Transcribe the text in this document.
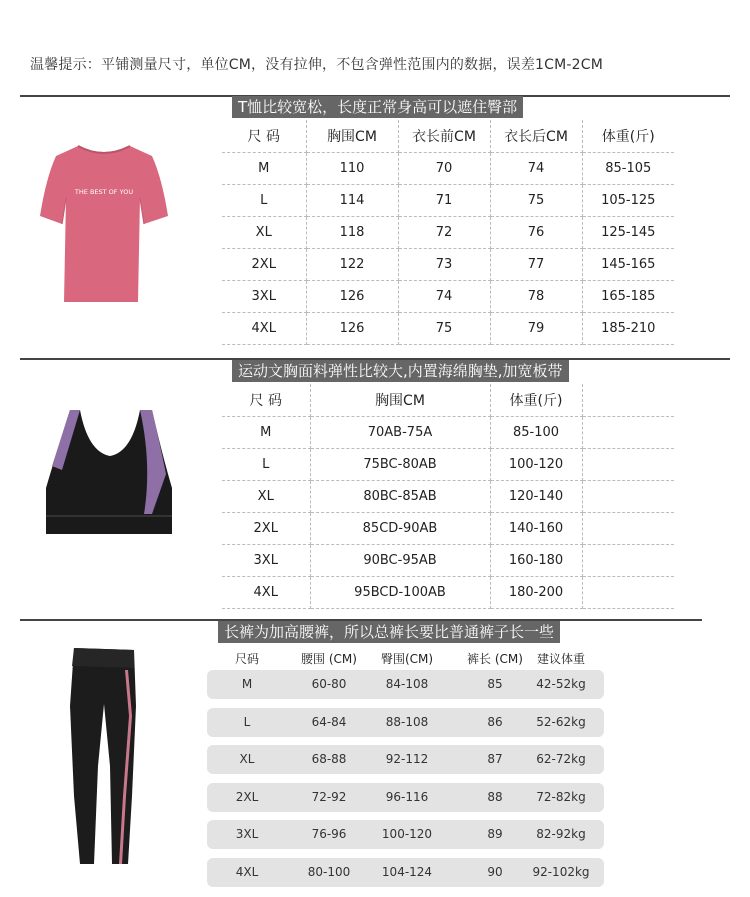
温馨提示：平铺测量尺寸，单位CM，没有拉伸，不包含弹性范围内的数据，误差1CM-2CM
T恤比较宽松，长度正常身高可以遮住臀部
THE BEST OF YOU
尺 码	胸围CM	衣长前CM	衣长后CM	体重(斤)
M	110	70	74	85-105
L	114	71	75	105-125
XL	118	72	76	125-145
2XL	122	73	77	145-165
3XL	126	74	78	165-185
4XL	126	75	79	185-210
运动文胸面料弹性比较大,内置海绵胸垫,加宽板带
尺 码	胸围CM	体重(斤)	
M	70AB-75A	85-100	
L	75BC-80AB	100-120	
XL	80BC-85AB	120-140	
2XL	85CD-90AB	140-160	
3XL	90BC-95AB	160-180	
4XL	95BCD-100AB	180-200	
长裤为加高腰裤，所以总裤长要比普通裤子长一些
尺码	腰围 (CM)	臀围(CM)	裤长 (CM)	建议体重
M	60-80	84-108	85	42-52kg
L	64-84	88-108	86	52-62kg
XL	68-88	92-112	87	62-72kg
2XL	72-92	96-116	88	72-82kg
3XL	76-96	100-120	89	82-92kg
4XL	80-100	104-124	90	92-102kg
